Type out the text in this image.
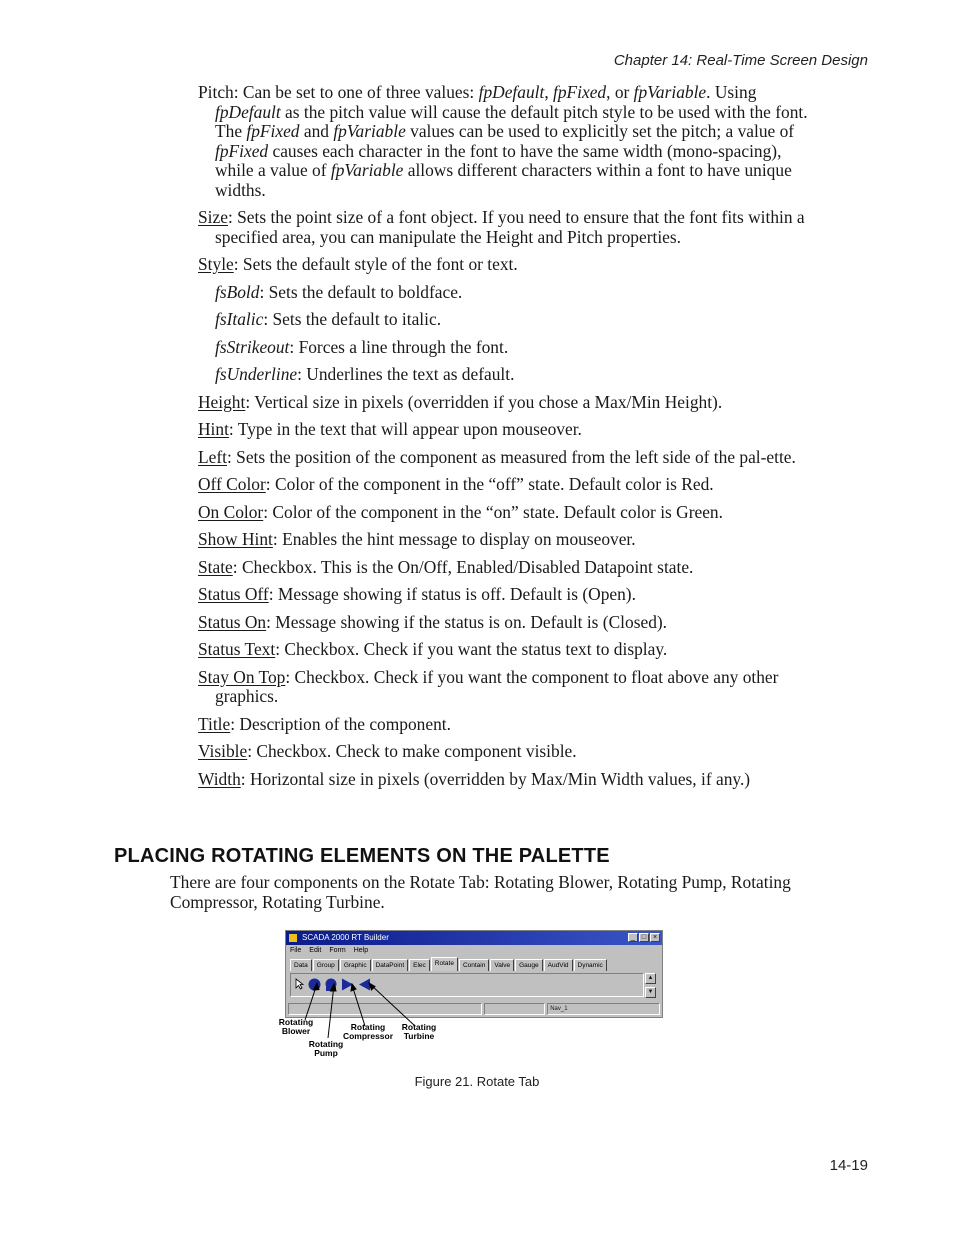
Chapter 14: Real-Time Screen Design

Pitch: Can be set to one of three values: fpDefault, fpFixed, or fpVariable. Using fpDefault as the pitch value will cause the default pitch style to be used with the font. The fpFixed and fpVariable values can be used to explicitly set the pitch; a value of fpFixed causes each character in the font to have the same width (mono-spacing), while a value of fpVariable allows different characters within a font to have unique widths.

Size: Sets the point size of a font object. If you need to ensure that the font fits within a specified area, you can manipulate the Height and Pitch properties.

Style: Sets the default style of the font or text.

fsBold: Sets the default to boldface.

fsItalic: Sets the default to italic.

fsStrikeout: Forces a line through the font.

fsUnderline: Underlines the text as default.

Height: Vertical size in pixels (overridden if you chose a Max/Min Height).

Hint: Type in the text that will appear upon mouseover.

Left: Sets the position of the component as measured from the left side of the pal-ette.

Off Color: Color of the component in the “off” state. Default color is Red.

On Color: Color of the component in the “on” state. Default color is Green.

Show Hint: Enables the hint message to display on mouseover.

State: Checkbox. This is the On/Off, Enabled/Disabled Datapoint state.

Status Off: Message showing if status is off. Default is (Open).

Status On: Message showing if the status is on. Default is (Closed).

Status Text: Checkbox. Check if you want the status text to display.

Stay On Top: Checkbox. Check if you want the component to float above any other graphics.

Title: Description of the component.

Visible: Checkbox. Check to make component visible.

Width: Horizontal size in pixels (overridden by Max/Min Width values, if any.)

PLACING ROTATING ELEMENTS ON THE PALETTE
There are four components on the Rotate Tab: Rotating Blower, Rotating Pump, Rotating Compressor, Rotating Turbine.
SCADA 2000 RT Builder	_ □ ×
File Edit Form Help
Data	Group	Graphic	DataPoint	Elec	Rotate	Contain	Valve	Gauge	AudVid	Dynamic
▲
▼
Nav_1
Rotating
Blower
Rotating
Pump
Rotating
Compressor
Rotating
Turbine
Figure 21. Rotate Tab
14-19
